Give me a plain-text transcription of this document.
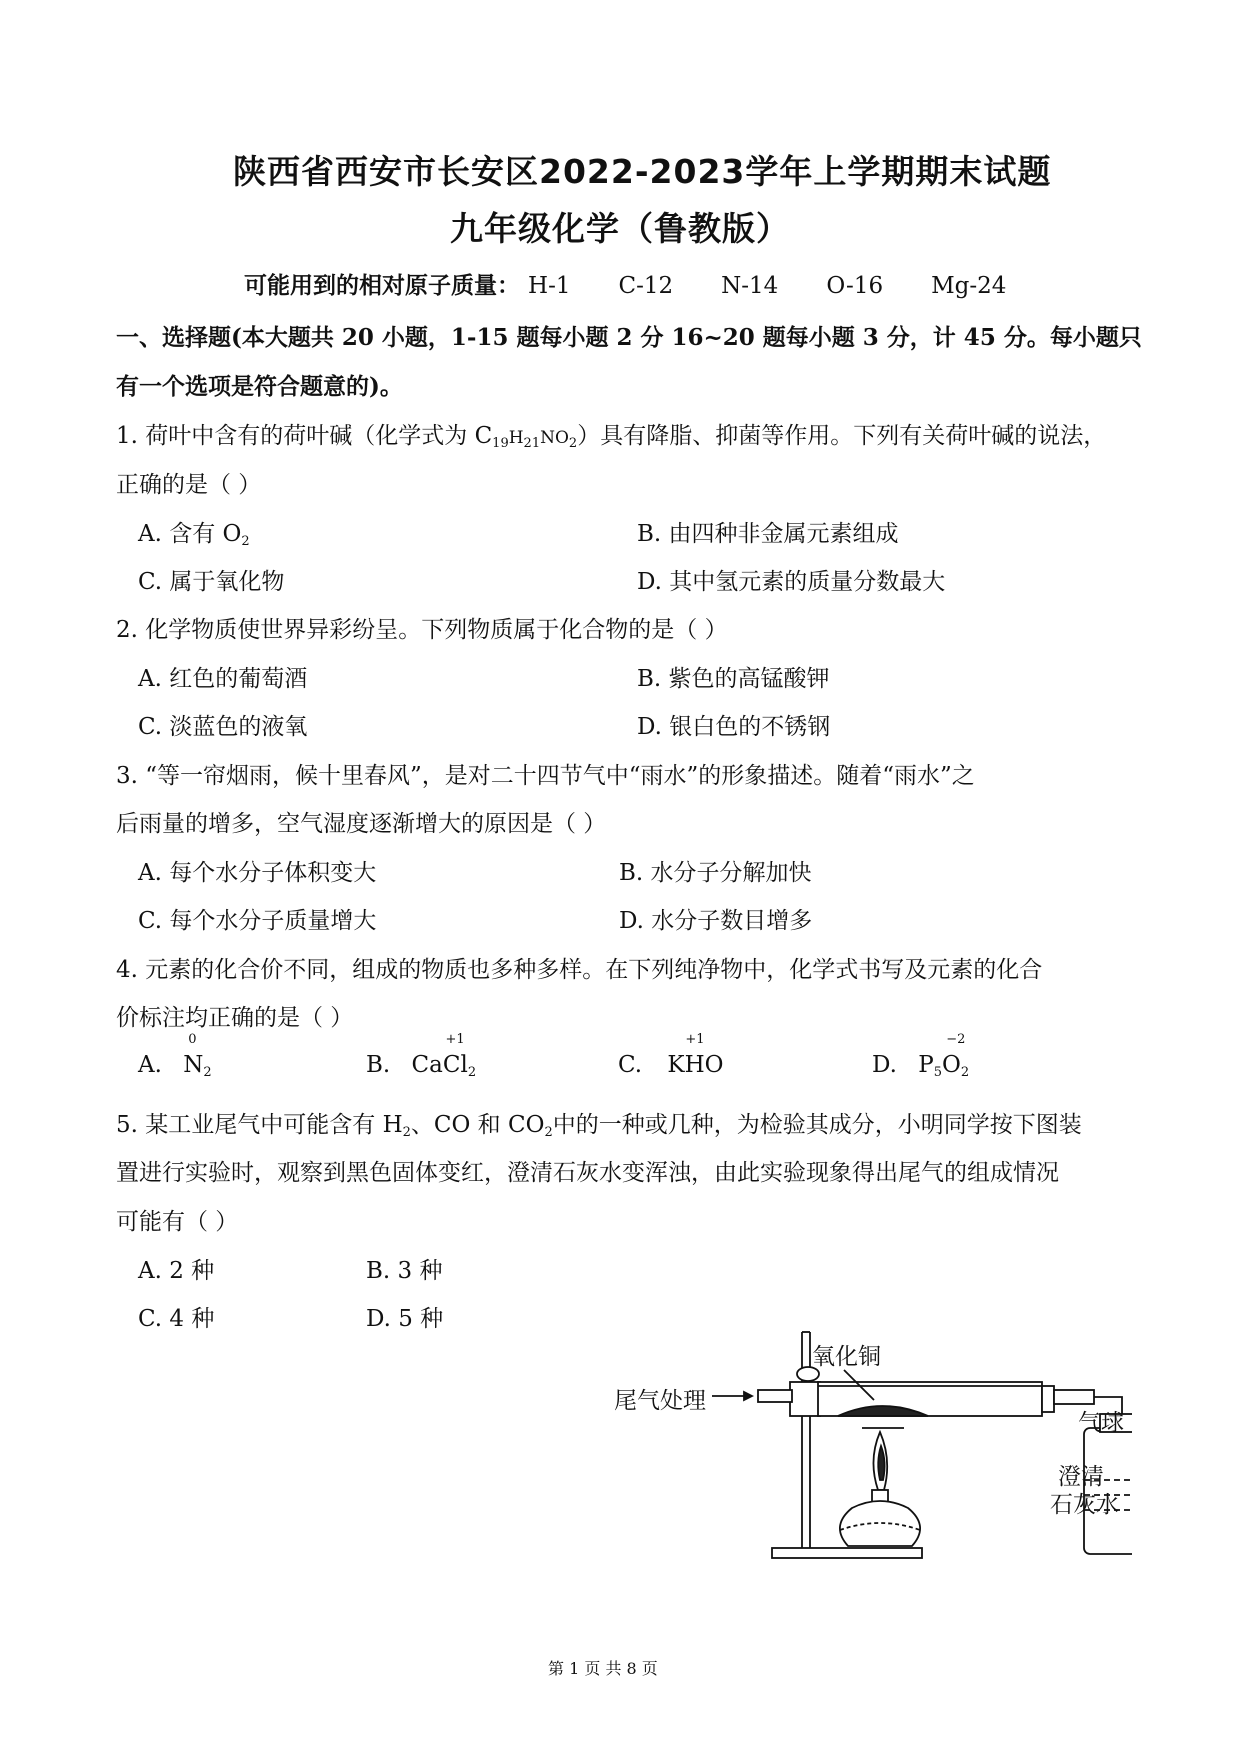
陕西省西安市长安区2022-2023学年上学期期末试题
九年级化学（鲁教版）
可能用到的相对原子质量： H-1 C-12 N-14 O-16 Mg-24
一、选择题(本大题共 20 小题，1-15 题每小题 2 分 16~20 题每小题 3 分，计 45 分。每小题只
有一个选项是符合题意的)。
1. 荷叶中含有的荷叶碱（化学式为 $C_{19}H_{21}NO_2$）具有降脂、抑菌等作用。下列有关荷叶碱的说法，
正确的是（ ）
A. 含有 $O_2$	B. 由四种非金属元素组成
C. 属于氧化物	D. 其中氢元素的质量分数最大
2. 化学物质使世界异彩纷呈。下列物质属于化合物的是（ ）
A. 红色的葡萄酒	B. 紫色的高锰酸钾
C. 淡蓝色的液氧	D. 银白色的不锈钢
3. “等一帘烟雨，候十里春风”，是对二十四节气中“雨水”的形象描述。随着“雨水”之
后雨量的增多，空气湿度逐渐增大的原因是（ ）
A. 每个水分子体积变大	B. 水分子分解加快
C. 每个水分子质量增大	D. 水分子数目增多
4. 元素的化合价不同，组成的物质也多种多样。在下列纯净物中，化学式书写及元素的化合
价标注均正确的是（ ）
A.
0
$N_2$	B. Ca
+1
$Cl_2$	C. K
+1
HO	D. $P_5$
−2
$O_2$
5. 某工业尾气中可能含有 $H_2$、CO 和 $CO_2$中的一种或几种，为检验其成分，小明同学按下图装
置进行实验时，观察到黑色固体变红，澄清石灰水变浑浊，由此实验现象得出尾气的组成情况
可能有（ ）
A. 2 种	B. 3 种
C. 4 种	D. 5 种
氧化铜
尾气处理
气球
澄清
石灰水
第 1 页 共 8 页
